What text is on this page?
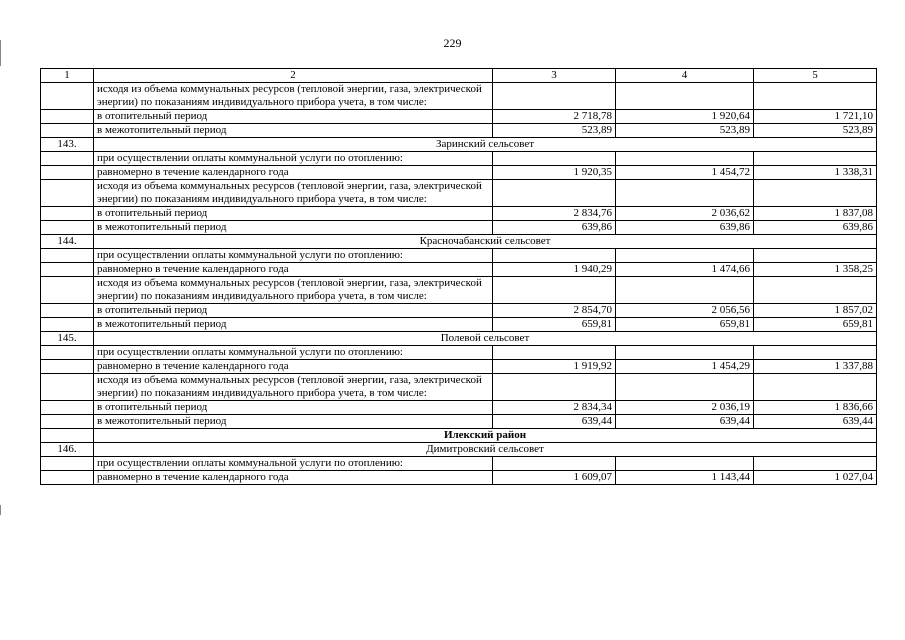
229
1	2	3	4	5
	исходя из объема коммунальных ресурсов (тепловой энергии, газа, электрической энергии) по показаниям индивидуального прибора учета, в том числе:			
	в отопительный период	2 718,78	1 920,64	1 721,10
	в межотопительный период	523,89	523,89	523,89
143.	Заринский сельсовет			
	при осуществлении оплаты коммунальной услуги по отоплению:			
	равномерно в течение календарного года	1 920,35	1 454,72	1 338,31
	исходя из объема коммунальных ресурсов (тепловой энергии, газа, электрической энергии) по показаниям индивидуального прибора учета, в том числе:			
	в отопительный период	2 834,76	2 036,62	1 837,08
	в межотопительный период	639,86	639,86	639,86
144.	Красночабанский сельсовет			
	при осуществлении оплаты коммунальной услуги по отоплению:			
	равномерно в течение календарного года	1 940,29	1 474,66	1 358,25
	исходя из объема коммунальных ресурсов (тепловой энергии, газа, электрической энергии) по показаниям индивидуального прибора учета, в том числе:			
	в отопительный период	2 854,70	2 056,56	1 857,02
	в межотопительный период	659,81	659,81	659,81
145.	Полевой сельсовет			
	при осуществлении оплаты коммунальной услуги по отоплению:			
	равномерно в течение календарного года	1 919,92	1 454,29	1 337,88
	исходя из объема коммунальных ресурсов (тепловой энергии, газа, электрической энергии) по показаниям индивидуального прибора учета, в том числе:			
	в отопительный период	2 834,34	2 036,19	1 836,66
	в межотопительный период	639,44	639,44	639,44
	Илекский район			
146.	Димитровский сельсовет			
	при осуществлении оплаты коммунальной услуги по отоплению:			
	равномерно в течение календарного года	1 609,07	1 143,44	1 027,04
